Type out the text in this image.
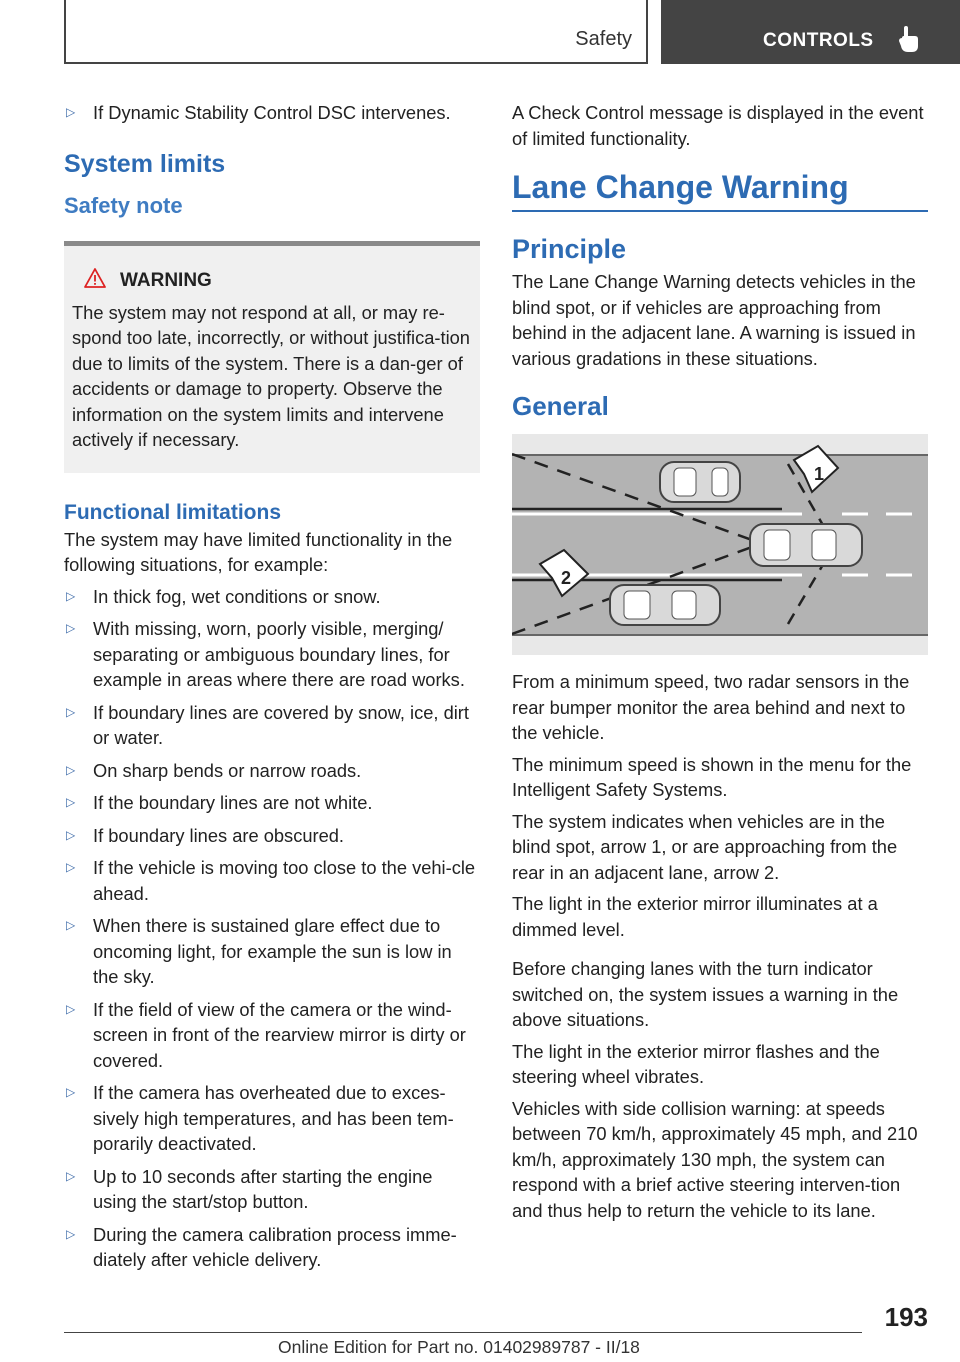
Safety	CONTROLS
▷ If Dynamic Stability Control DSC intervenes.
System limits
Safety note
WARNING

The system may not respond at all, or may re-spond too late, incorrectly, or without justifica-tion due to limits of the system. There is a dan-ger of accidents or damage to property. Observe the information on the system limits and intervene actively if necessary.

Functional limitations

The system may have limited functionality in the following situations, for example:

▷ In thick fog, wet conditions or snow.
▷ With missing, worn, poorly visible, merging/ separating or ambiguous boundary lines, for example in areas where there are road works.
▷ If boundary lines are covered by snow, ice, dirt or water.
▷ On sharp bends or narrow roads.
▷ If the boundary lines are not white.
▷ If boundary lines are obscured.
▷ If the vehicle is moving too close to the vehi-cle ahead.
▷ When there is sustained glare effect due to oncoming light, for example the sun is low in the sky.
▷ If the field of view of the camera or the wind-screen in front of the rearview mirror is dirty or covered.
▷ If the camera has overheated due to exces-sively high temperatures, and has been tem-porarily deactivated.
▷ Up to 10 seconds after starting the engine using the start/stop button.
▷ During the camera calibration process imme-diately after vehicle delivery.

A Check Control message is displayed in the event of limited functionality.

Lane Change Warning
Principle

The Lane Change Warning detects vehicles in the blind spot, or if vehicles are approaching from behind in the adjacent lane. A warning is issued in various gradations in these situations.

General
1
2

From a minimum speed, two radar sensors in the rear bumper monitor the area behind and next to the vehicle.

The minimum speed is shown in the menu for the Intelligent Safety Systems.

The system indicates when vehicles are in the blind spot, arrow 1, or are approaching from the rear in an adjacent lane, arrow 2.

The light in the exterior mirror illuminates at a dimmed level.

Before changing lanes with the turn indicator switched on, the system issues a warning in the above situations.

The light in the exterior mirror flashes and the steering wheel vibrates.

Vehicles with side collision warning: at speeds between 70 km/h, approximately 45 mph, and 210 km/h, approximately 130 mph, the system can respond with a brief active steering interven-tion and thus help to return the vehicle to its lane.

193
Online Edition for Part no. 01402989787 - II/18
